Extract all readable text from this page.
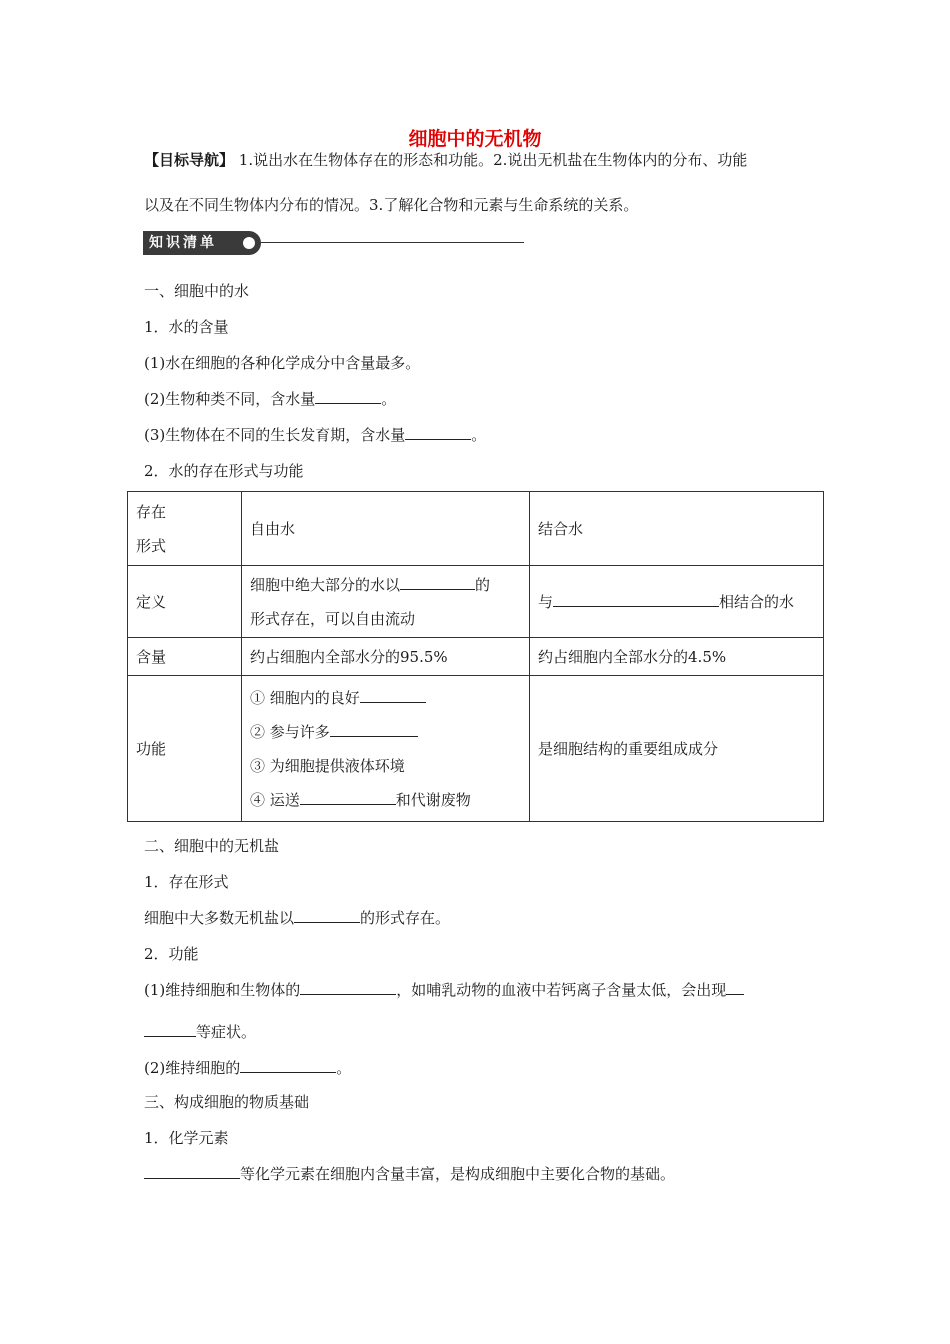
细胞中的无机物
【目标导航】 1.说出水在生物体存在的形态和功能。2.说出无机盐在生物体内的分布、功能
以及在不同生物体内分布的情况。3.了解化合物和元素与生命系统的关系。
知识清单
一、细胞中的水
1．水的含量
(1)水在细胞的各种化学成分中含量最多。
(2)生物种类不同，含水量	。
(3)生物体在不同的生长发育期，含水量	。
2．水的存在形式与功能
存在
形式	自由水	结合水
定义	细胞中绝大部分的水以 的
形式存在，可以自由流动	与 相结合的水
含量	约占细胞内全部水分的95.5%	约占细胞内全部水分的4.5%
功能	① 细胞内的良好
② 参与许多
③ 为细胞提供液体环境
④ 运送 和代谢废物	是细胞结构的重要组成成分
二、细胞中的无机盐
1．存在形式
细胞中大多数无机盐以	的形式存在。
2．功能
(1)维持细胞和生物体的	，如哺乳动物的血液中若钙离子含量太低，会出现
等症状。
(2)维持细胞的	。
三、构成细胞的物质基础
1．化学元素
等化学元素在细胞内含量丰富，是构成细胞中主要化合物的基础。
